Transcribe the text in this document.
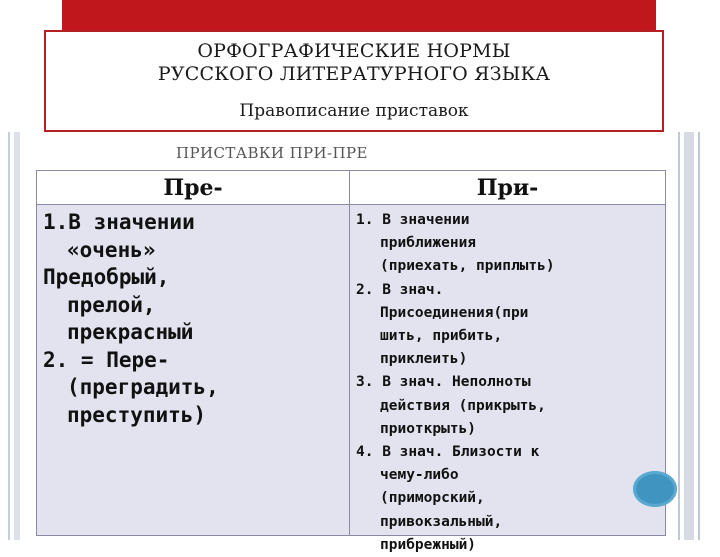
ОРФОГРАФИЧЕСКИЕ НОРМЫ
РУССКОГО ЛИТЕРАТУРНОГО ЯЗЫКА
Правописание приставок
ПРИСТАВКИ ПРИ-ПРЕ
Пре-	При-
1.В значении
«очень»
Предобрый,
прелой,
прекрасный
2. = Пере-
(преградить,
преступить)
1. В значении
приближения
(приехать, приплыть)
2. В знач.
Присоединения(при
шить, прибить,
приклеить)
3. В знач. Неполноты
действия (прикрыть,
приоткрыть)
4. В знач. Близости к
чему-либо
(приморский,
привокзальный,
прибрежный)
